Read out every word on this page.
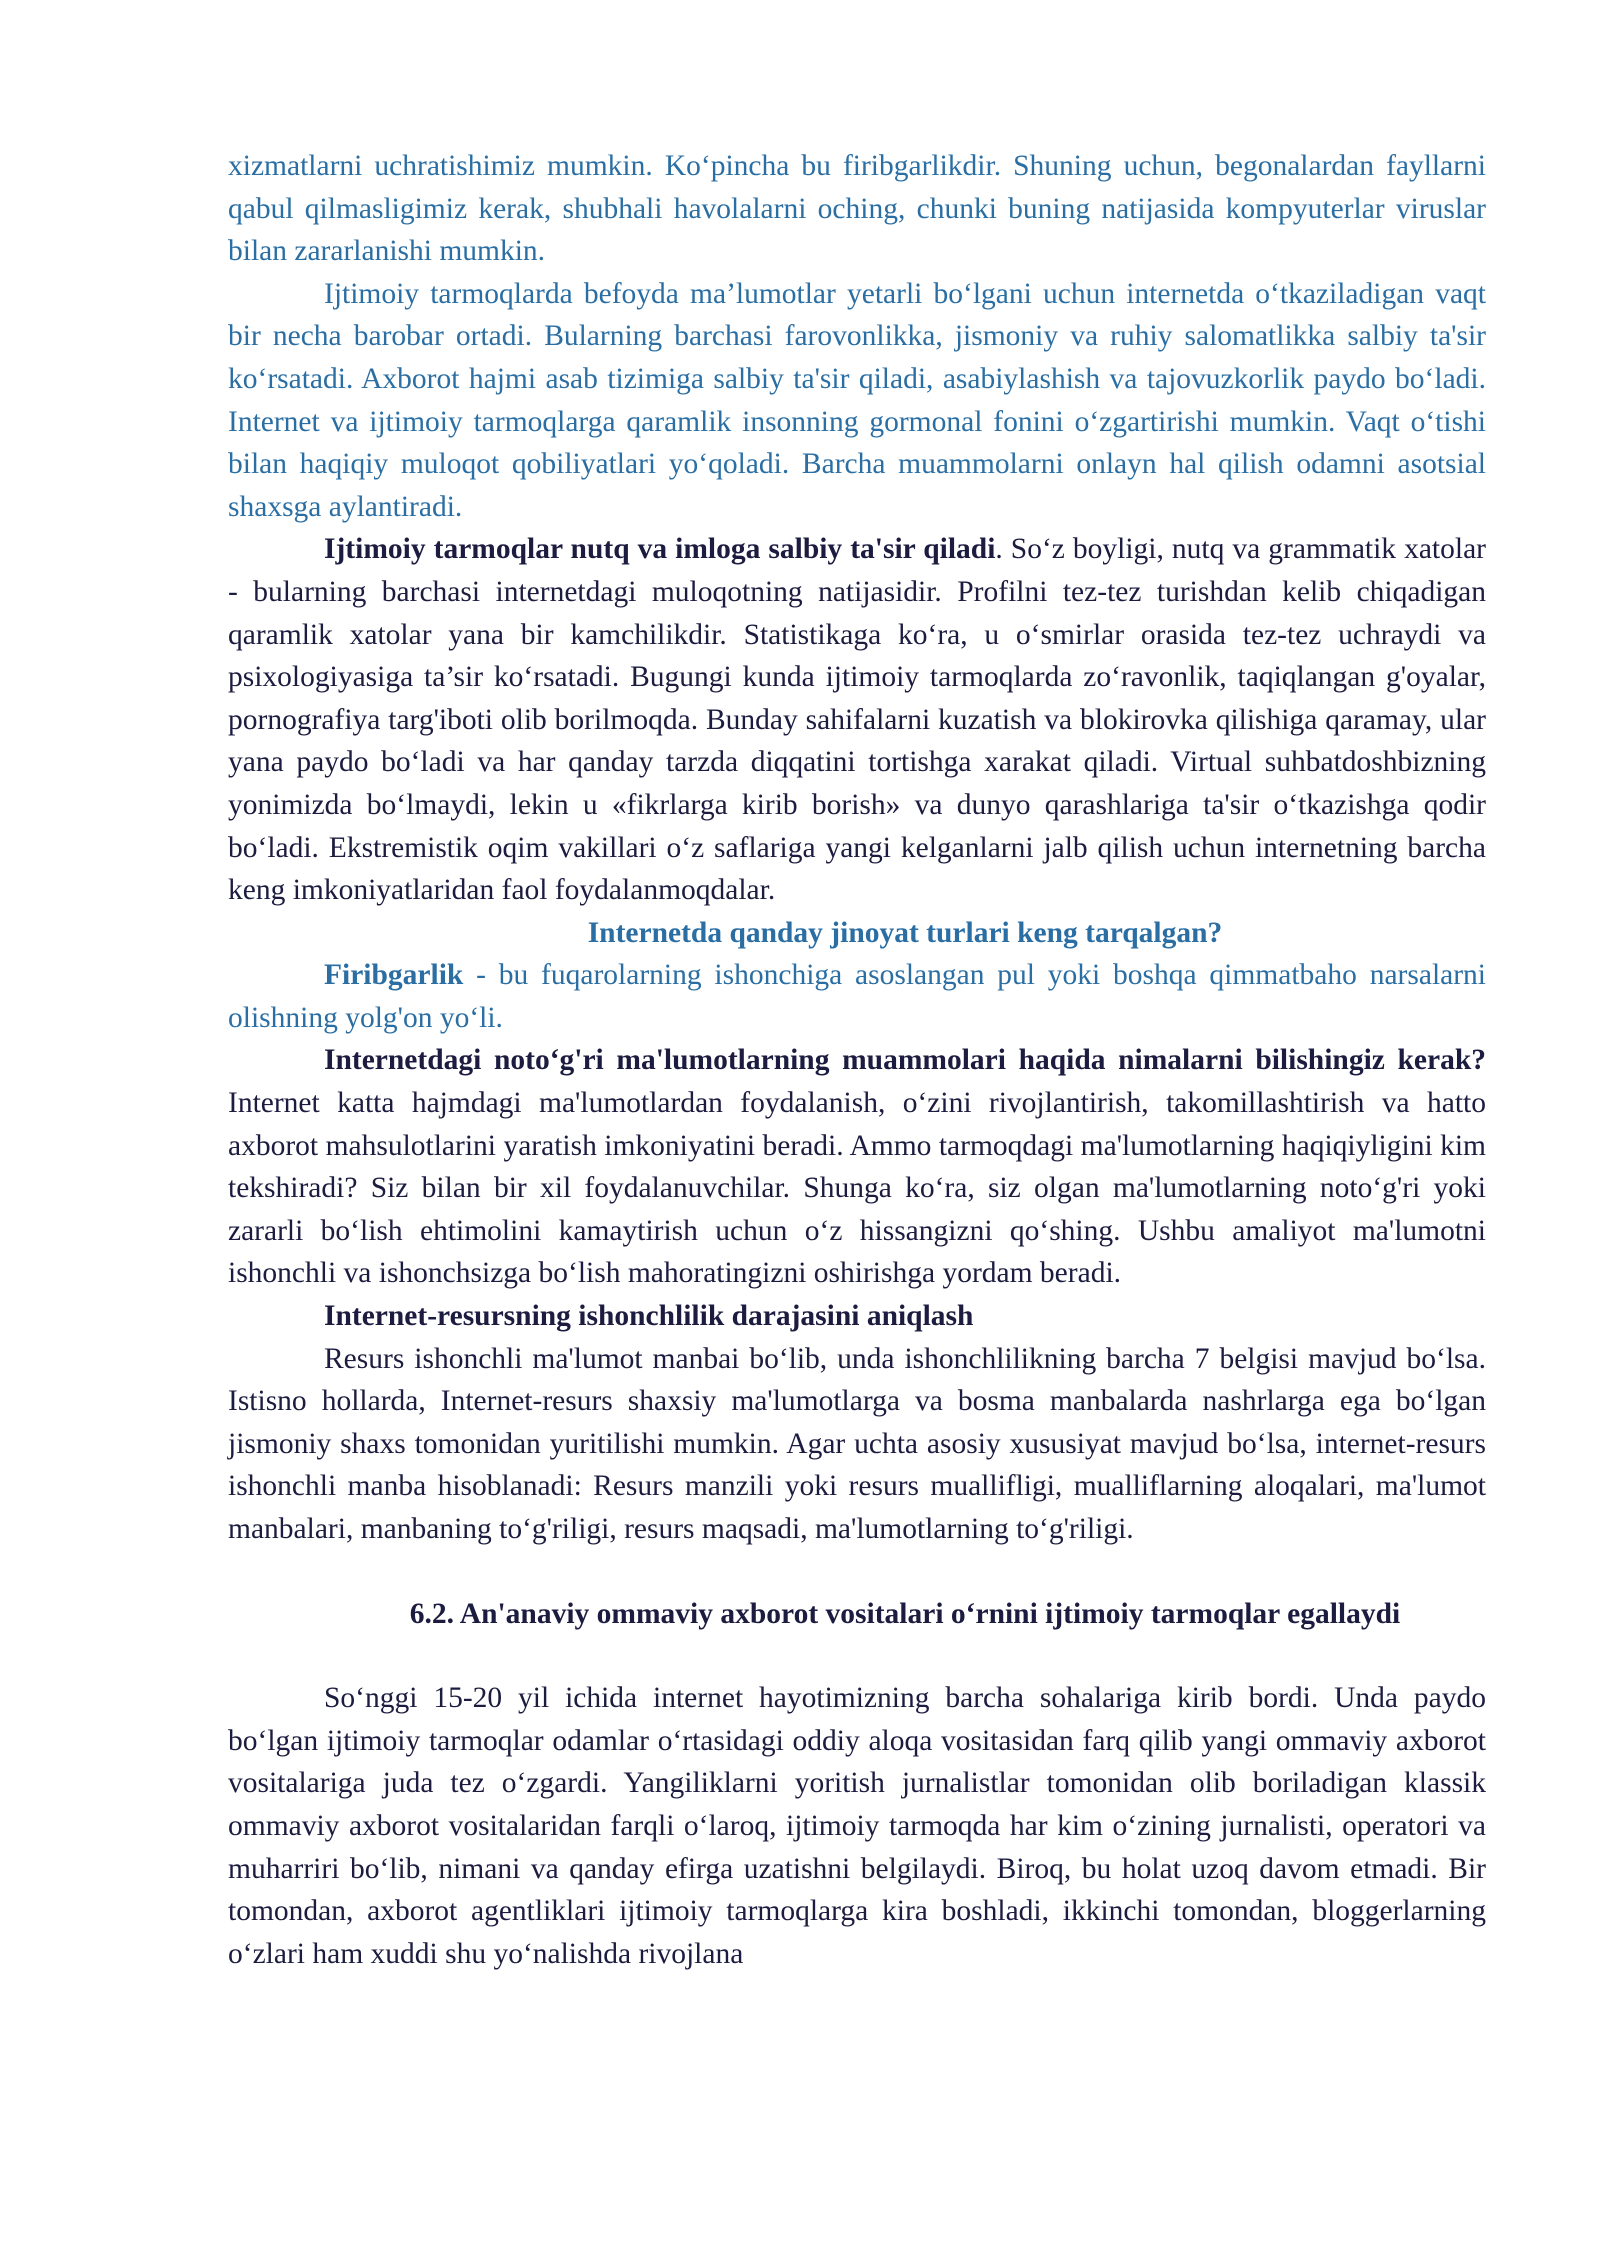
xizmatlarni uchratishimiz mumkin. Ko‘pincha bu firibgarlikdir. Shuning uchun, begonalardan fayllarni qabul qilmasligimiz kerak, shubhali havolalarni oching, chunki buning natijasida kompyuterlar viruslar bilan zararlanishi mumkin.

Ijtimoiy tarmoqlarda befoyda ma’lumotlar yetarli bo‘lgani uchun internetda o‘tkaziladigan vaqt bir necha barobar ortadi. Bularning barchasi farovonlikka, jismoniy va ruhiy salomatlikka salbiy ta'sir ko‘rsatadi. Axborot hajmi asab tizimiga salbiy ta'sir qiladi, asabiylashish va tajovuzkorlik paydo bo‘ladi. Internet va ijtimoiy tarmoqlarga qaramlik insonning gormonal fonini o‘zgartirishi mumkin. Vaqt o‘tishi bilan haqiqiy muloqot qobiliyatlari yo‘qoladi. Barcha muammolarni onlayn hal qilish odamni asotsial shaxsga aylantiradi.

Ijtimoiy tarmoqlar nutq va imloga salbiy ta'sir qiladi. So‘z boyligi, nutq va grammatik xatolar - bularning barchasi internetdagi muloqotning natijasidir. Profilni tez-tez turishdan kelib chiqadigan qaramlik xatolar yana bir kamchilikdir. Statistikaga ko‘ra, u o‘smirlar orasida tez-tez uchraydi va psixologiyasiga ta’sir ko‘rsatadi. Bugungi kunda ijtimoiy tarmoqlarda zo‘ravonlik, taqiqlangan g'oyalar, pornografiya targ'iboti olib borilmoqda. Bunday sahifalarni kuzatish va blokirovka qilishiga qaramay, ular yana paydo bo‘ladi va har qanday tarzda diqqatini tortishga xarakat qiladi. Virtual suhbatdoshbizning yonimizda bo‘lmaydi, lekin u «fikrlarga kirib borish» va dunyo qarashlariga ta'sir o‘tkazishga qodir bo‘ladi. Ekstremistik oqim vakillari o‘z saflariga yangi kelganlarni jalb qilish uchun internetning barcha keng imkoniyatlaridan faol foydalanmoqdalar.

Internetda qanday jinoyat turlari keng tarqalgan?

Firibgarlik - bu fuqarolarning ishonchiga asoslangan pul yoki boshqa qimmatbaho narsalarni olishning yolg'on yo‘li.

Internetdagi noto‘g'ri ma'lumotlarning muammolari haqida nimalarni bilishingiz kerak? Internet katta hajmdagi ma'lumotlardan foydalanish, o‘zini rivojlantirish, takomillashtirish va hatto axborot mahsulotlarini yaratish imkoniyatini beradi. Ammo tarmoqdagi ma'lumotlarning haqiqiyligini kim tekshiradi? Siz bilan bir xil foydalanuvchilar. Shunga ko‘ra, siz olgan ma'lumotlarning noto‘g'ri yoki zararli bo‘lish ehtimolini kamaytirish uchun o‘z hissangizni qo‘shing. Ushbu amaliyot ma'lumotni ishonchli va ishonchsizga bo‘lish mahoratingizni oshirishga yordam beradi.

Internet-resursning ishonchlilik darajasini aniqlash

Resurs ishonchli ma'lumot manbai bo‘lib, unda ishonchlilikning barcha 7 belgisi mavjud bo‘lsa. Istisno hollarda, Internet-resurs shaxsiy ma'lumotlarga va bosma manbalarda nashrlarga ega bo‘lgan jismoniy shaxs tomonidan yuritilishi mumkin. Agar uchta asosiy xususiyat mavjud bo‘lsa, internet-resurs ishonchli manba hisoblanadi: Resurs manzili yoki resurs muallifligi, mualliflarning aloqalari, ma'lumot manbalari, manbaning to‘g'riligi, resurs maqsadi, ma'lumotlarning to‘g'riligi.

6.2. An'anaviy ommaviy axborot vositalari o‘rnini ijtimoiy tarmoqlar egallaydi

So‘nggi 15-20 yil ichida internet hayotimizning barcha sohalariga kirib bordi. Unda paydo bo‘lgan ijtimoiy tarmoqlar odamlar o‘rtasidagi oddiy aloqa vositasidan farq qilib yangi ommaviy axborot vositalariga juda tez o‘zgardi. Yangiliklarni yoritish jurnalistlar tomonidan olib boriladigan klassik ommaviy axborot vositalaridan farqli o‘laroq, ijtimoiy tarmoqda har kim o‘zining jurnalisti, operatori va muharriri bo‘lib, nimani va qanday efirga uzatishni belgilaydi. Biroq, bu holat uzoq davom etmadi. Bir tomondan, axborot agentliklari ijtimoiy tarmoqlarga kira boshladi, ikkinchi tomondan, bloggerlarning o‘zlari ham xuddi shu yo‘nalishda rivojlana
